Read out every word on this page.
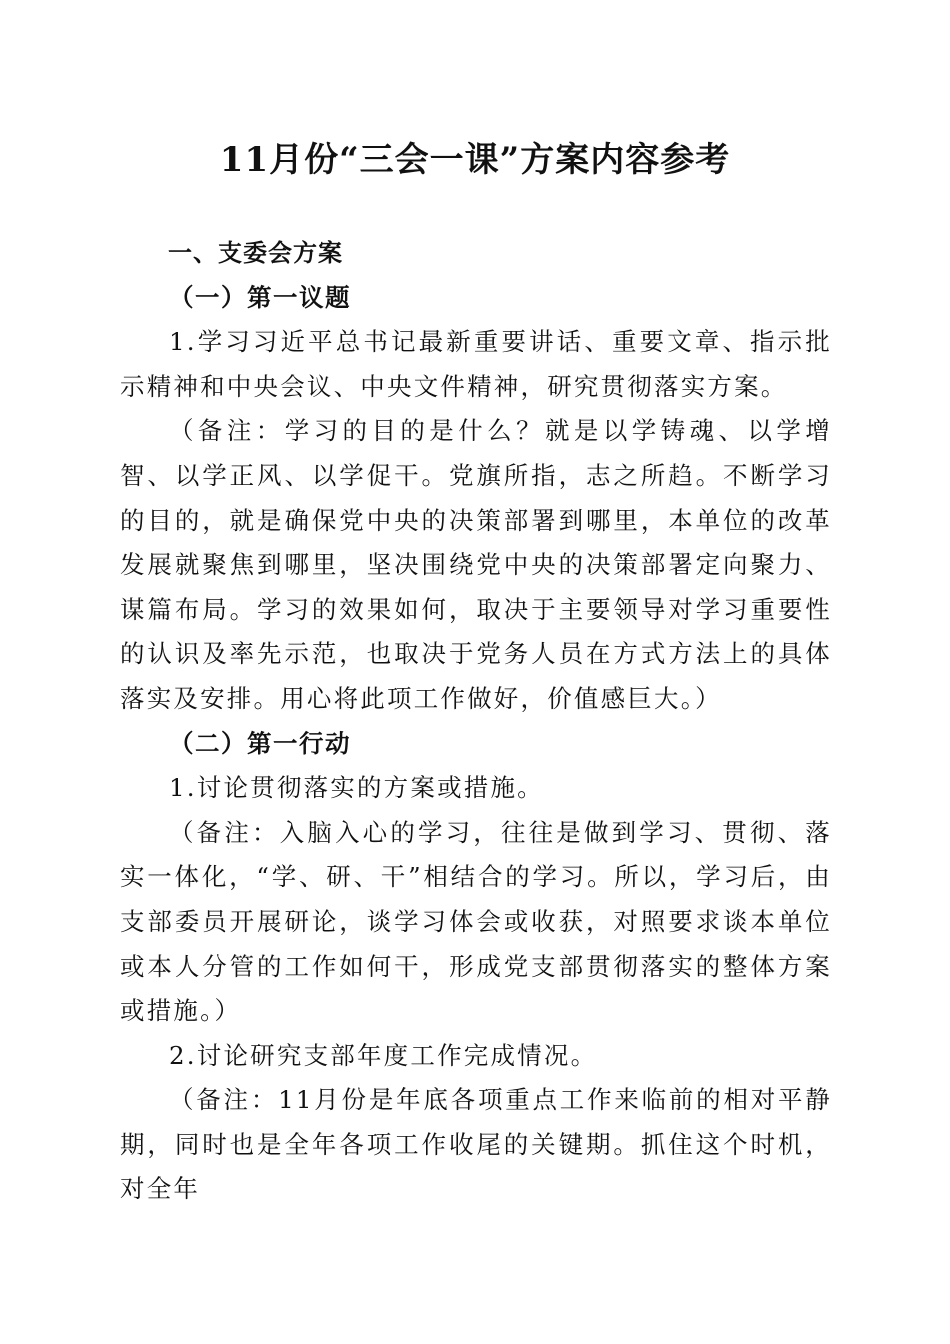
11月份“三会一课”方案内容参考

一、支委会方案

（一）第一议题

1.学习习近平总书记最新重要讲话、重要文章、指示批示精神和中央会议、中央文件精神，研究贯彻落实方案。

（备注：学习的目的是什么？就是以学铸魂、以学增智、以学正风、以学促干。党旗所指，志之所趋。不断学习的目的，就是确保党中央的决策部署到哪里，本单位的改革发展就聚焦到哪里，坚决围绕党中央的决策部署定向聚力、谋篇布局。学习的效果如何，取决于主要领导对学习重要性的认识及率先示范，也取决于党务人员在方式方法上的具体落实及安排。用心将此项工作做好，价值感巨大。）

（二）第一行动

1.讨论贯彻落实的方案或措施。

（备注：入脑入心的学习，往往是做到学习、贯彻、落实一体化，“学、研、干”相结合的学习。所以，学习后，由支部委员开展研论，谈学习体会或收获，对照要求谈本单位或本人分管的工作如何干，形成党支部贯彻落实的整体方案或措施。）

2.讨论研究支部年度工作完成情况。

（备注：11月份是年底各项重点工作来临前的相对平静期，同时也是全年各项工作收尾的关键期。抓住这个时机，对全年
